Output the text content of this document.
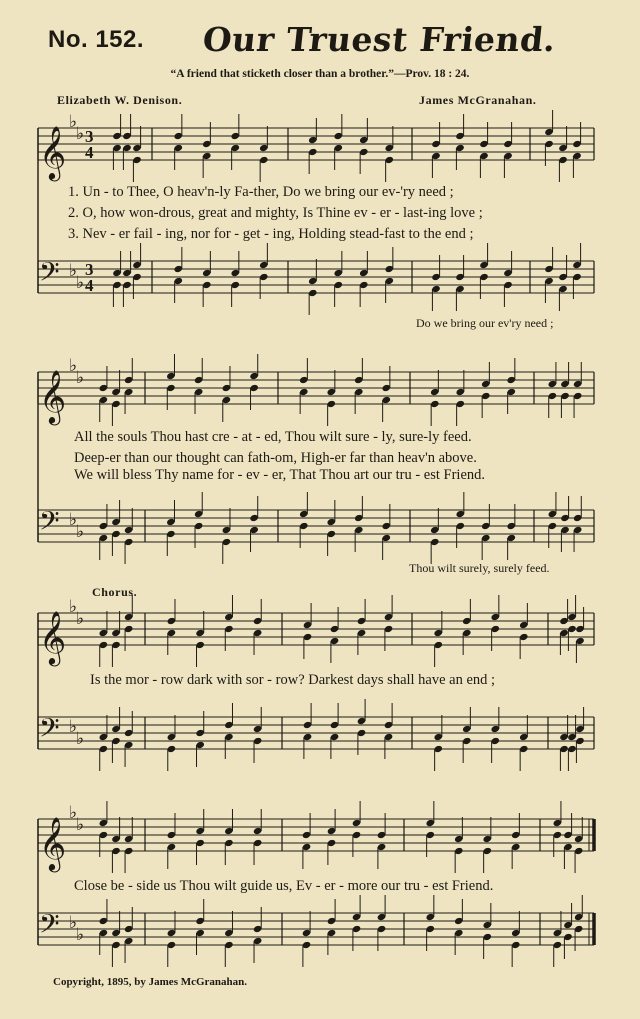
No. 152. Our Truest Friend.
“A friend that sticketh closer than a brother.”—Prov. 18 : 24.
Elizabeth W. Denison.	James McGranahan.
𝄞
♭
♭ 3
4
𝄢 ♭
♭
3
4
𝄞
♭
♭
𝄢 ♭
♭
𝄞
♭
♭
𝄢 ♭
♭
𝄞
♭
♭
𝄢 ♭
♭
1. Un - to Thee, O heav'n-ly Fa-ther, Do we bring our ev-'ry need ;
2. O, how won-drous, great and mighty, Is Thine ev - er - last-ing love ;
3. Nev - er fail - ing, nor for - get - ing, Holding stead-fast to the end ;
Do we bring our ev'ry need ;
All the souls Thou hast cre - at - ed, Thou wilt sure - ly, sure-ly feed.
Deep-er than our thought can fath-om, High-er far than heav'n above.
We will bless Thy name for - ev - er, That Thou art our tru - est Friend.
Thou wilt surely, surely feed.
Chorus.
Is the mor - row dark with sor - row? Darkest days shall have an end ;
Close be - side us Thou wilt guide us, Ev - er - more our tru - est Friend.
Copyright, 1895, by James McGranahan.
